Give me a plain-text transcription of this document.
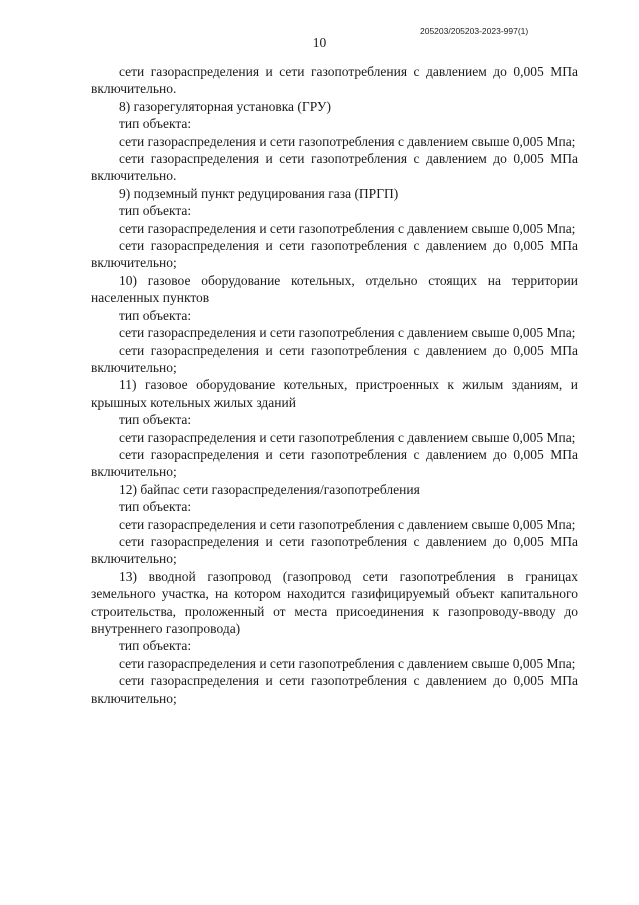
205203/205203-2023-997(1)
10

сети газораспределения и сети газопотребления с давлением до 0,005 МПа включительно.

8) газорегуляторная установка (ГРУ)

тип объекта:

сети газораспределения и сети газопотребления с давлением свыше 0,005 Мпа;

сети газораспределения и сети газопотребления с давлением до 0,005 МПа включительно.

9) подземный пункт редуцирования газа (ПРГП)

тип объекта:

сети газораспределения и сети газопотребления с давлением свыше 0,005 Мпа;

сети газораспределения и сети газопотребления с давлением до 0,005 МПа включительно;

10) газовое оборудование котельных, отдельно стоящих на территории населенных пунктов

тип объекта:

сети газораспределения и сети газопотребления с давлением свыше 0,005 Мпа;

сети газораспределения и сети газопотребления с давлением до 0,005 МПа включительно;

11) газовое оборудование котельных, пристроенных к жилым зданиям, и крышных котельных жилых зданий

тип объекта:

сети газораспределения и сети газопотребления с давлением свыше 0,005 Мпа;

сети газораспределения и сети газопотребления с давлением до 0,005 МПа включительно;

12) байпас сети газораспределения/газопотребления

тип объекта:

сети газораспределения и сети газопотребления с давлением свыше 0,005 Мпа;

сети газораспределения и сети газопотребления с давлением до 0,005 МПа включительно;

13) вводной газопровод (газопровод сети газопотребления в границах земельного участка, на котором находится газифицируемый объект капитального строительства, проложенный от места присоединения к газопроводу-вводу до внутреннего газопровода)

тип объекта:

сети газораспределения и сети газопотребления с давлением свыше 0,005 Мпа;

сети газораспределения и сети газопотребления с давлением до 0,005 МПа включительно;
